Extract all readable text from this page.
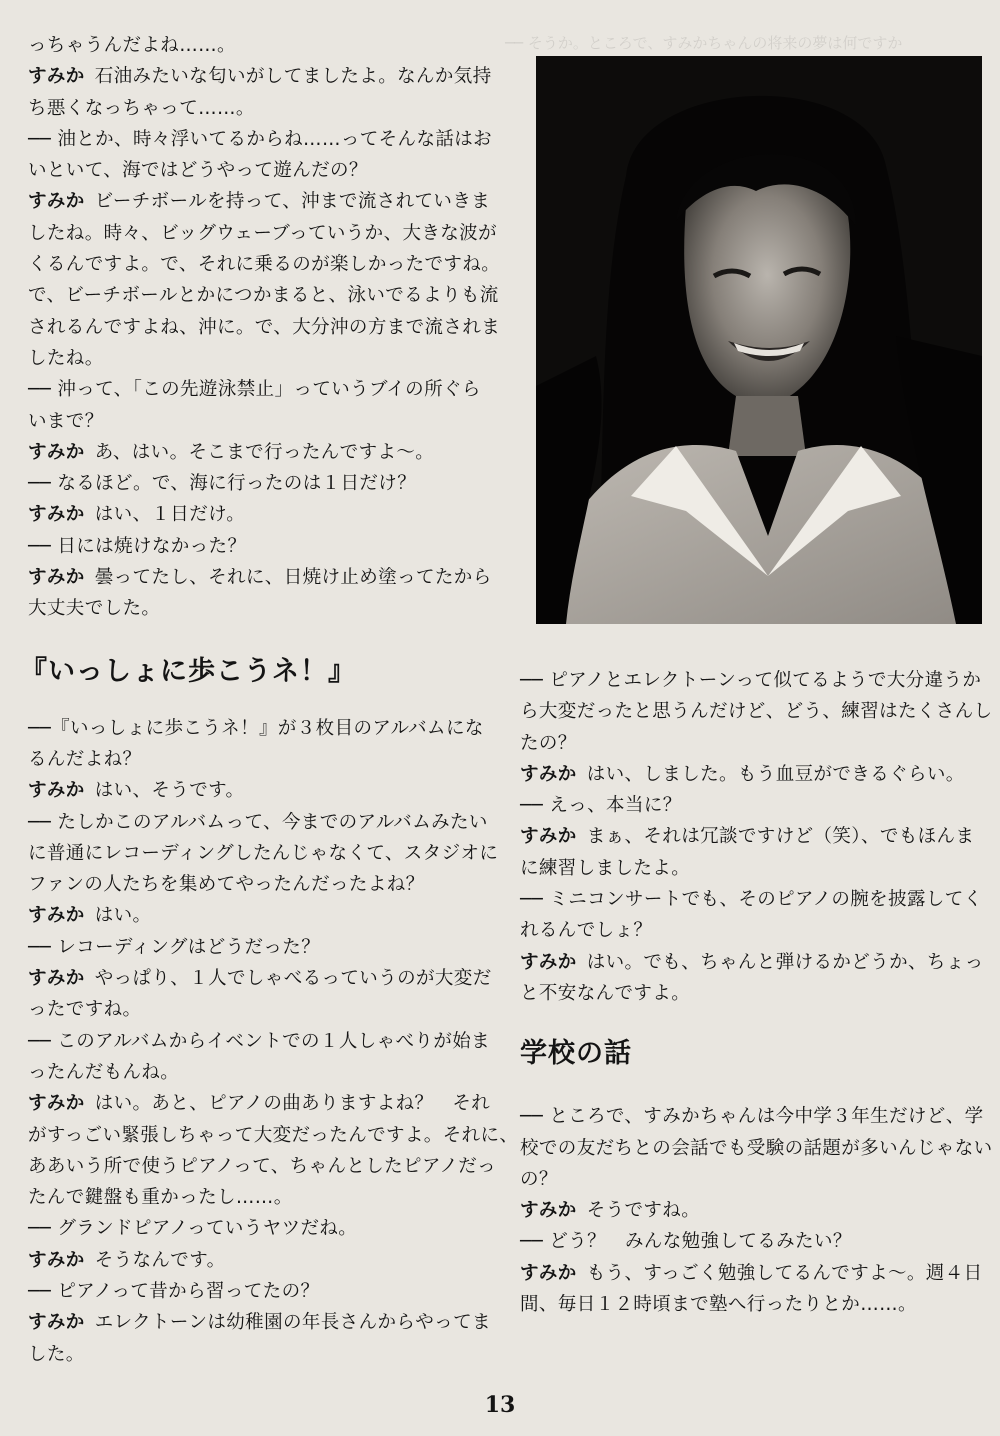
── そうか。ところで、すみかちゃんの将来の夢は何ですか
っちゃうんだよね……。
すみか 石油みたいな匂いがしてましたよ。なんか気持
ち悪くなっちゃって……。
── 油とか、時々浮いてるからね……ってそんな話はお
いといて、海ではどうやって遊んだの？
すみか ビーチボールを持って、沖まで流されていきま
したね。時々、ビッグウェーブっていうか、大きな波が
くるんですよ。で、それに乗るのが楽しかったですね。
で、ビーチボールとかにつかまると、泳いでるよりも流
されるんですよね、沖に。で、大分沖の方まで流されま
したね。
── 沖って、「この先遊泳禁止」っていうブイの所ぐら
いまで？
すみか あ、はい。そこまで行ったんですよ〜。
── なるほど。で、海に行ったのは１日だけ？
すみか はい、１日だけ。
── 日には焼けなかった？
すみか 曇ってたし、それに、日焼け止め塗ってたから
大丈夫でした。
『いっしょに歩こうネ！』
──『いっしょに歩こうネ！』が３枚目のアルバムにな
るんだよね？
すみか はい、そうです。
── たしかこのアルバムって、今までのアルバムみたい
に普通にレコーディングしたんじゃなくて、スタジオに
ファンの人たちを集めてやったんだったよね？
すみか はい。
── レコーディングはどうだった？
すみか やっぱり、１人でしゃべるっていうのが大変だ
ったですね。
── このアルバムからイベントでの１人しゃべりが始ま
ったんだもんね。
すみか はい。あと、ピアノの曲ありますよね？　それ
がすっごい緊張しちゃって大変だったんですよ。それに、
ああいう所で使うピアノって、ちゃんとしたピアノだっ
たんで鍵盤も重かったし……。
── グランドピアノっていうヤツだね。
すみか そうなんです。
── ピアノって昔から習ってたの？
すみか エレクトーンは幼稚園の年長さんからやってま
した。
── ピアノとエレクトーンって似てるようで大分違うか
ら大変だったと思うんだけど、どう、練習はたくさんし
たの？
すみか はい、しました。もう血豆ができるぐらい。
── えっ、本当に？
すみか まぁ、それは冗談ですけど（笑）、でもほんま
に練習しましたよ。
── ミニコンサートでも、そのピアノの腕を披露してく
れるんでしょ？
すみか はい。でも、ちゃんと弾けるかどうか、ちょっ
と不安なんですよ。
学校の話
── ところで、すみかちゃんは今中学３年生だけど、学
校での友だちとの会話でも受験の話題が多いんじゃない
の？
すみか そうですね。
── どう？　みんな勉強してるみたい？
すみか もう、すっごく勉強してるんですよ〜。週４日
間、毎日１２時頃まで塾へ行ったりとか……。
13
